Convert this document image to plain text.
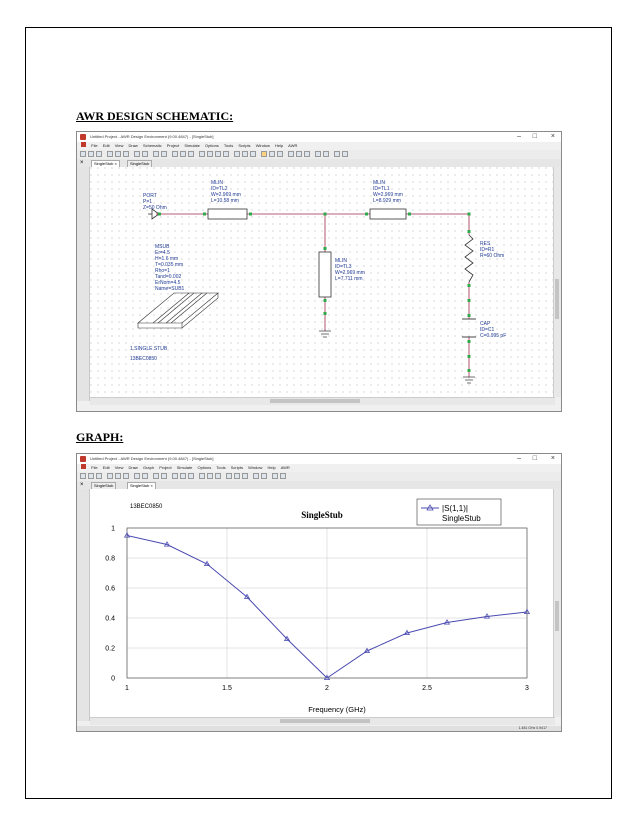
AWR DESIGN SCHEMATIC:
Untitled Project - AWR Design Environment (9.00.4847) - [SingleStub]	– □ ×
File Edit View Draw Schematic Project Simulate Options Tools Scripts Window Help AWR
×	SingleStub ×	SingleStub
PORT P=1 Z=50 Ohm
MLIN ID=TL2 W=2.969 mm L=10.58 mm
MLIN ID=TL1 W=2.969 mm L=8.929 mm
MLIN ID=TL3 W=2.969 mm L=7.711 mm
RES ID=R1 R=60 Ohm
CAP ID=C1 C=0.995 pF
MSUB Er=4.5 H=1.6 mm T=0.035 mm Rho=1 Tand=0.002 ErNom=4.5 Name=SUB1
1.SINGLE STUB
13BEC0850
GRAPH:
Untitled Project - AWR Design Environment (9.00.4847) - [SingleStub]	– □ ×
File Edit View Draw Graph Project Simulate Options Tools Scripts Window Help AWR
×	SingleStub	SingleStub ×
1	1.5	2	2.5	3
0
0.2
0.4
0.6
0.8
1
SingleStub
13BEC0850
Frequency (GHz)
|S(1,1)|
SingleStub
1.481 GHz 0.9417
